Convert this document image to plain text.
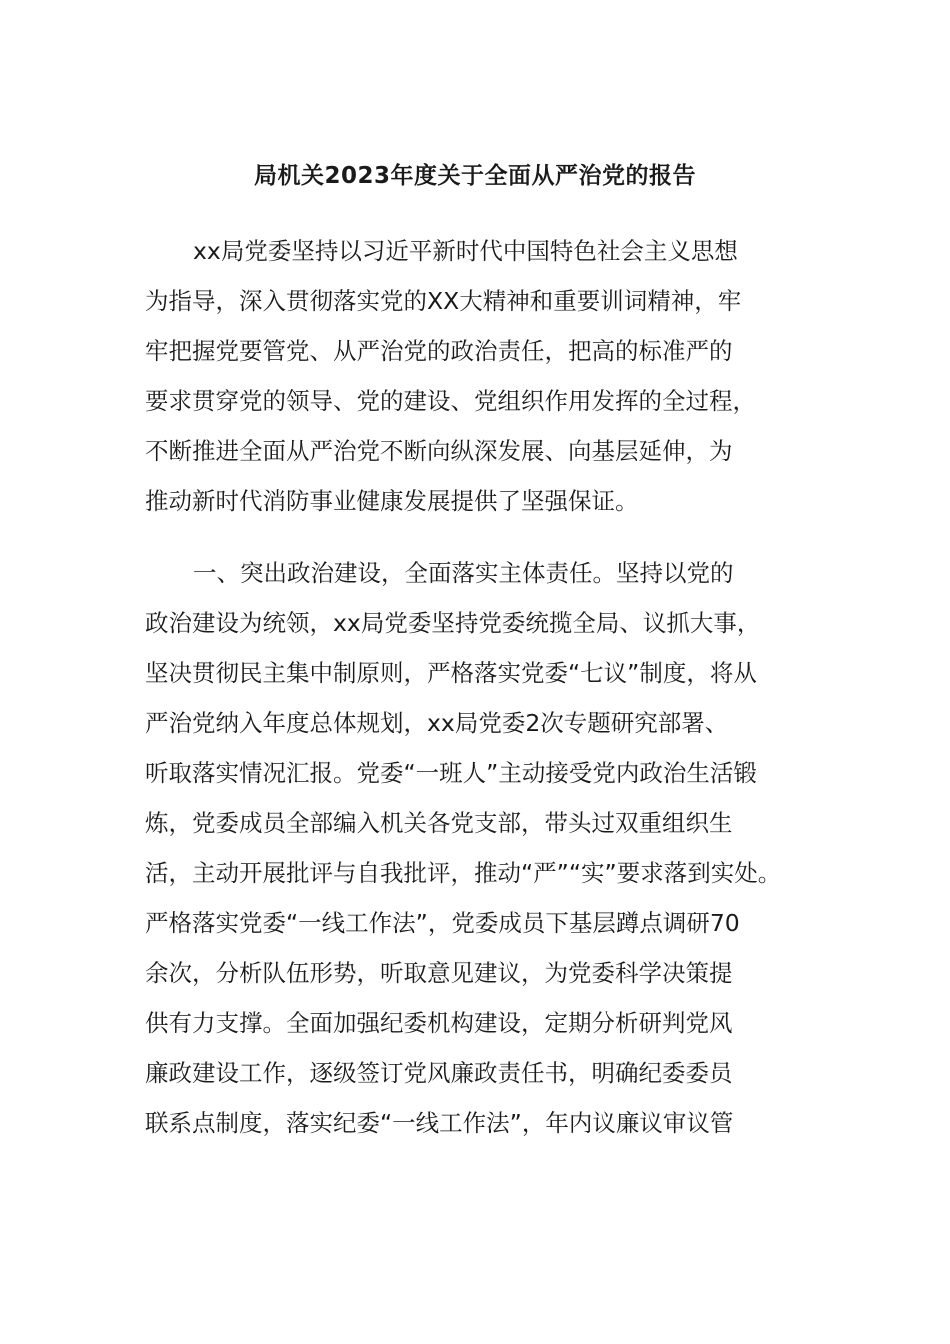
局机关2023年度关于全面从严治党的报告
xx局党委坚持以习近平新时代中国特色社会主义思想
为指导，深入贯彻落实党的XX大精神和重要训词精神，牢
牢把握党要管党、从严治党的政治责任，把高的标准严的
要求贯穿党的领导、党的建设、党组织作用发挥的全过程，
不断推进全面从严治党不断向纵深发展、向基层延伸，为
推动新时代消防事业健康发展提供了坚强保证。
一、突出政治建设，全面落实主体责任。坚持以党的
政治建设为统领，xx局党委坚持党委统揽全局、议抓大事，
坚决贯彻民主集中制原则，严格落实党委“七议”制度，将从
严治党纳入年度总体规划，xx局党委2次专题研究部署、
听取落实情况汇报。党委“一班人”主动接受党内政治生活锻
炼，党委成员全部编入机关各党支部，带头过双重组织生
活，主动开展批评与自我批评，推动“严”“实”要求落到实处。
严格落实党委“一线工作法”，党委成员下基层蹲点调研70
余次，分析队伍形势，听取意见建议，为党委科学决策提
供有力支撑。全面加强纪委机构建设，定期分析研判党风
廉政建设工作，逐级签订党风廉政责任书，明确纪委委员
联系点制度，落实纪委“一线工作法”，年内议廉议审议管
